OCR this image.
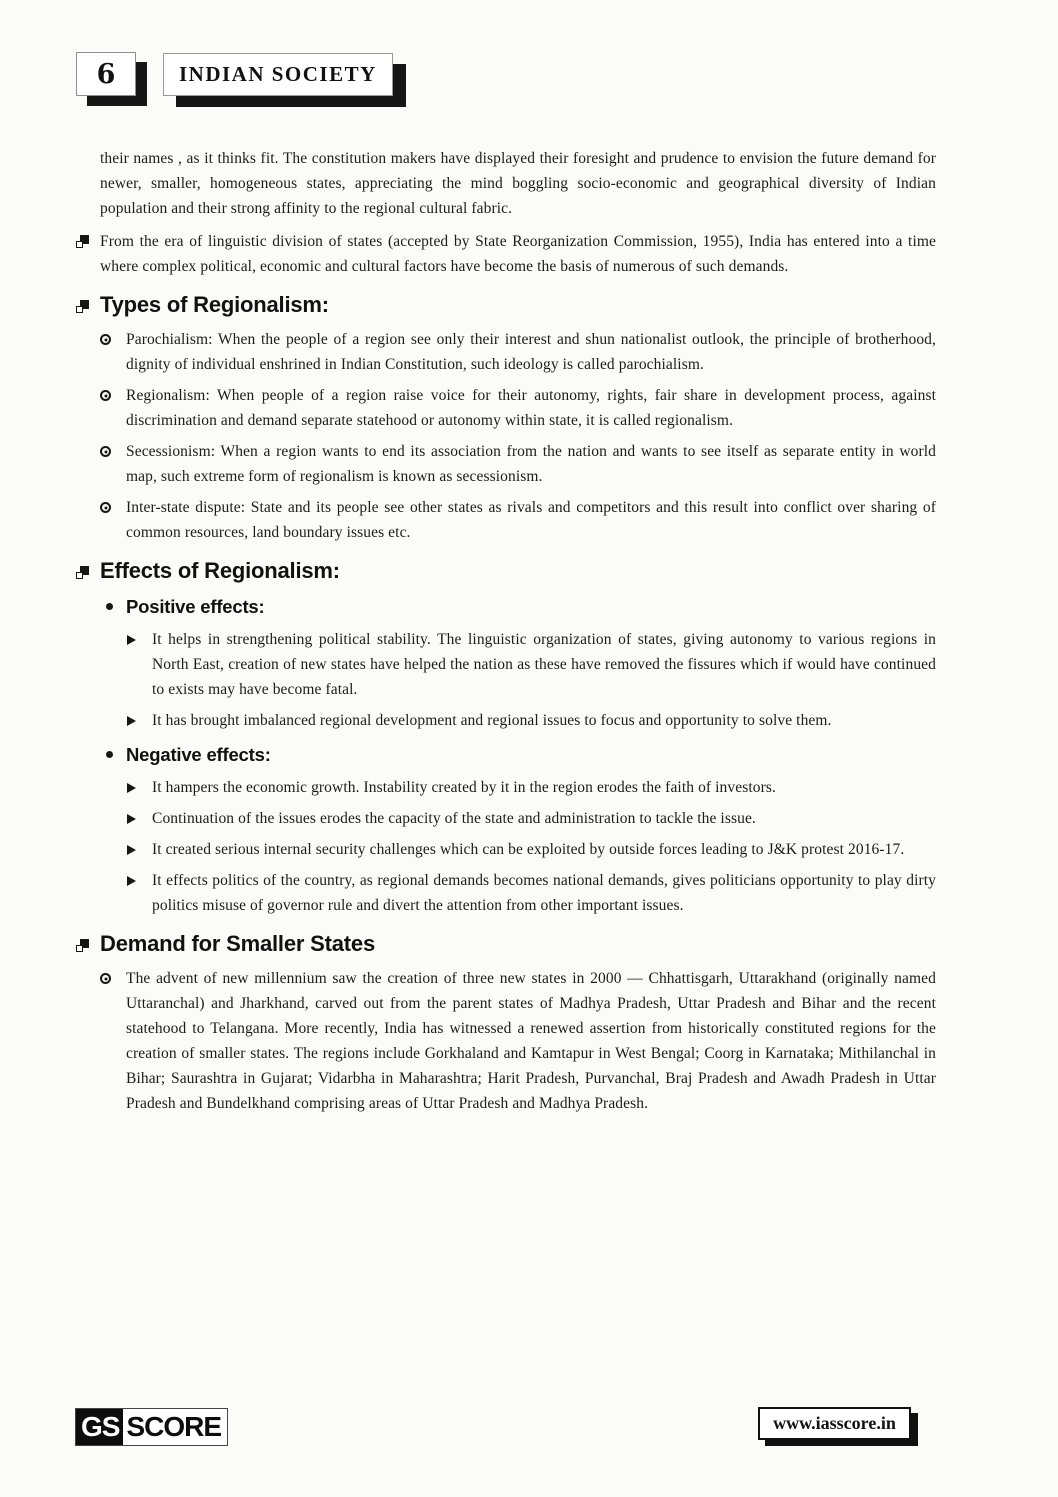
6	INDIAN SOCIETY

their names , as it thinks fit. The constitution makers have displayed their foresight and prudence to envision the future demand for newer, smaller, homogeneous states, appreciating the mind boggling socio-economic and geographical diversity of Indian population and their strong affinity to the regional cultural fabric.

From the era of linguistic division of states (accepted by State Reorganization Commission, 1955), India has entered into a time where complex political, economic and cultural factors have become the basis of numerous of such demands.

Types of Regionalism:

Parochialism: When the people of a region see only their interest and shun nationalist outlook, the principle of brotherhood, dignity of individual enshrined in Indian Constitution, such ideology is called parochialism.

Regionalism: When people of a region raise voice for their autonomy, rights, fair share in development process, against discrimination and demand separate statehood or autonomy within state, it is called regionalism.

Secessionism: When a region wants to end its association from the nation and wants to see itself as separate entity in world map, such extreme form of regionalism is known as secessionism.

Inter-state dispute: State and its people see other states as rivals and competitors and this result into conflict over sharing of common resources, land boundary issues etc.

Effects of Regionalism:
Positive effects:

It helps in strengthening political stability. The linguistic organization of states, giving autonomy to various regions in North East, creation of new states have helped the nation as these have removed the fissures which if would have continued to exists may have become fatal.

It has brought imbalanced regional development and regional issues to focus and opportunity to solve them.

Negative effects:

It hampers the economic growth. Instability created by it in the region erodes the faith of investors.

Continuation of the issues erodes the capacity of the state and administration to tackle the issue.

It created serious internal security challenges which can be exploited by outside forces leading to J&K protest 2016-17.

It effects politics of the country, as regional demands becomes national demands, gives politicians opportunity to play dirty politics misuse of governor rule and divert the attention from other important issues.

Demand for Smaller States

The advent of new millennium saw the creation of three new states in 2000 — Chhattisgarh, Uttarakhand (originally named Uttaranchal) and Jharkhand, carved out from the parent states of Madhya Pradesh, Uttar Pradesh and Bihar and the recent statehood to Telangana. More recently, India has witnessed a renewed assertion from historically constituted regions for the creation of smaller states. The regions include Gorkhaland and Kamtapur in West Bengal; Coorg in Karnataka; Mithilanchal in Bihar; Saurashtra in Gujarat; Vidarbha in Maharashtra; Harit Pradesh, Purvanchal, Braj Pradesh and Awadh Pradesh in Uttar Pradesh and Bundelkhand comprising areas of Uttar Pradesh and Madhya Pradesh.

GS SCORE	www.iasscore.in
